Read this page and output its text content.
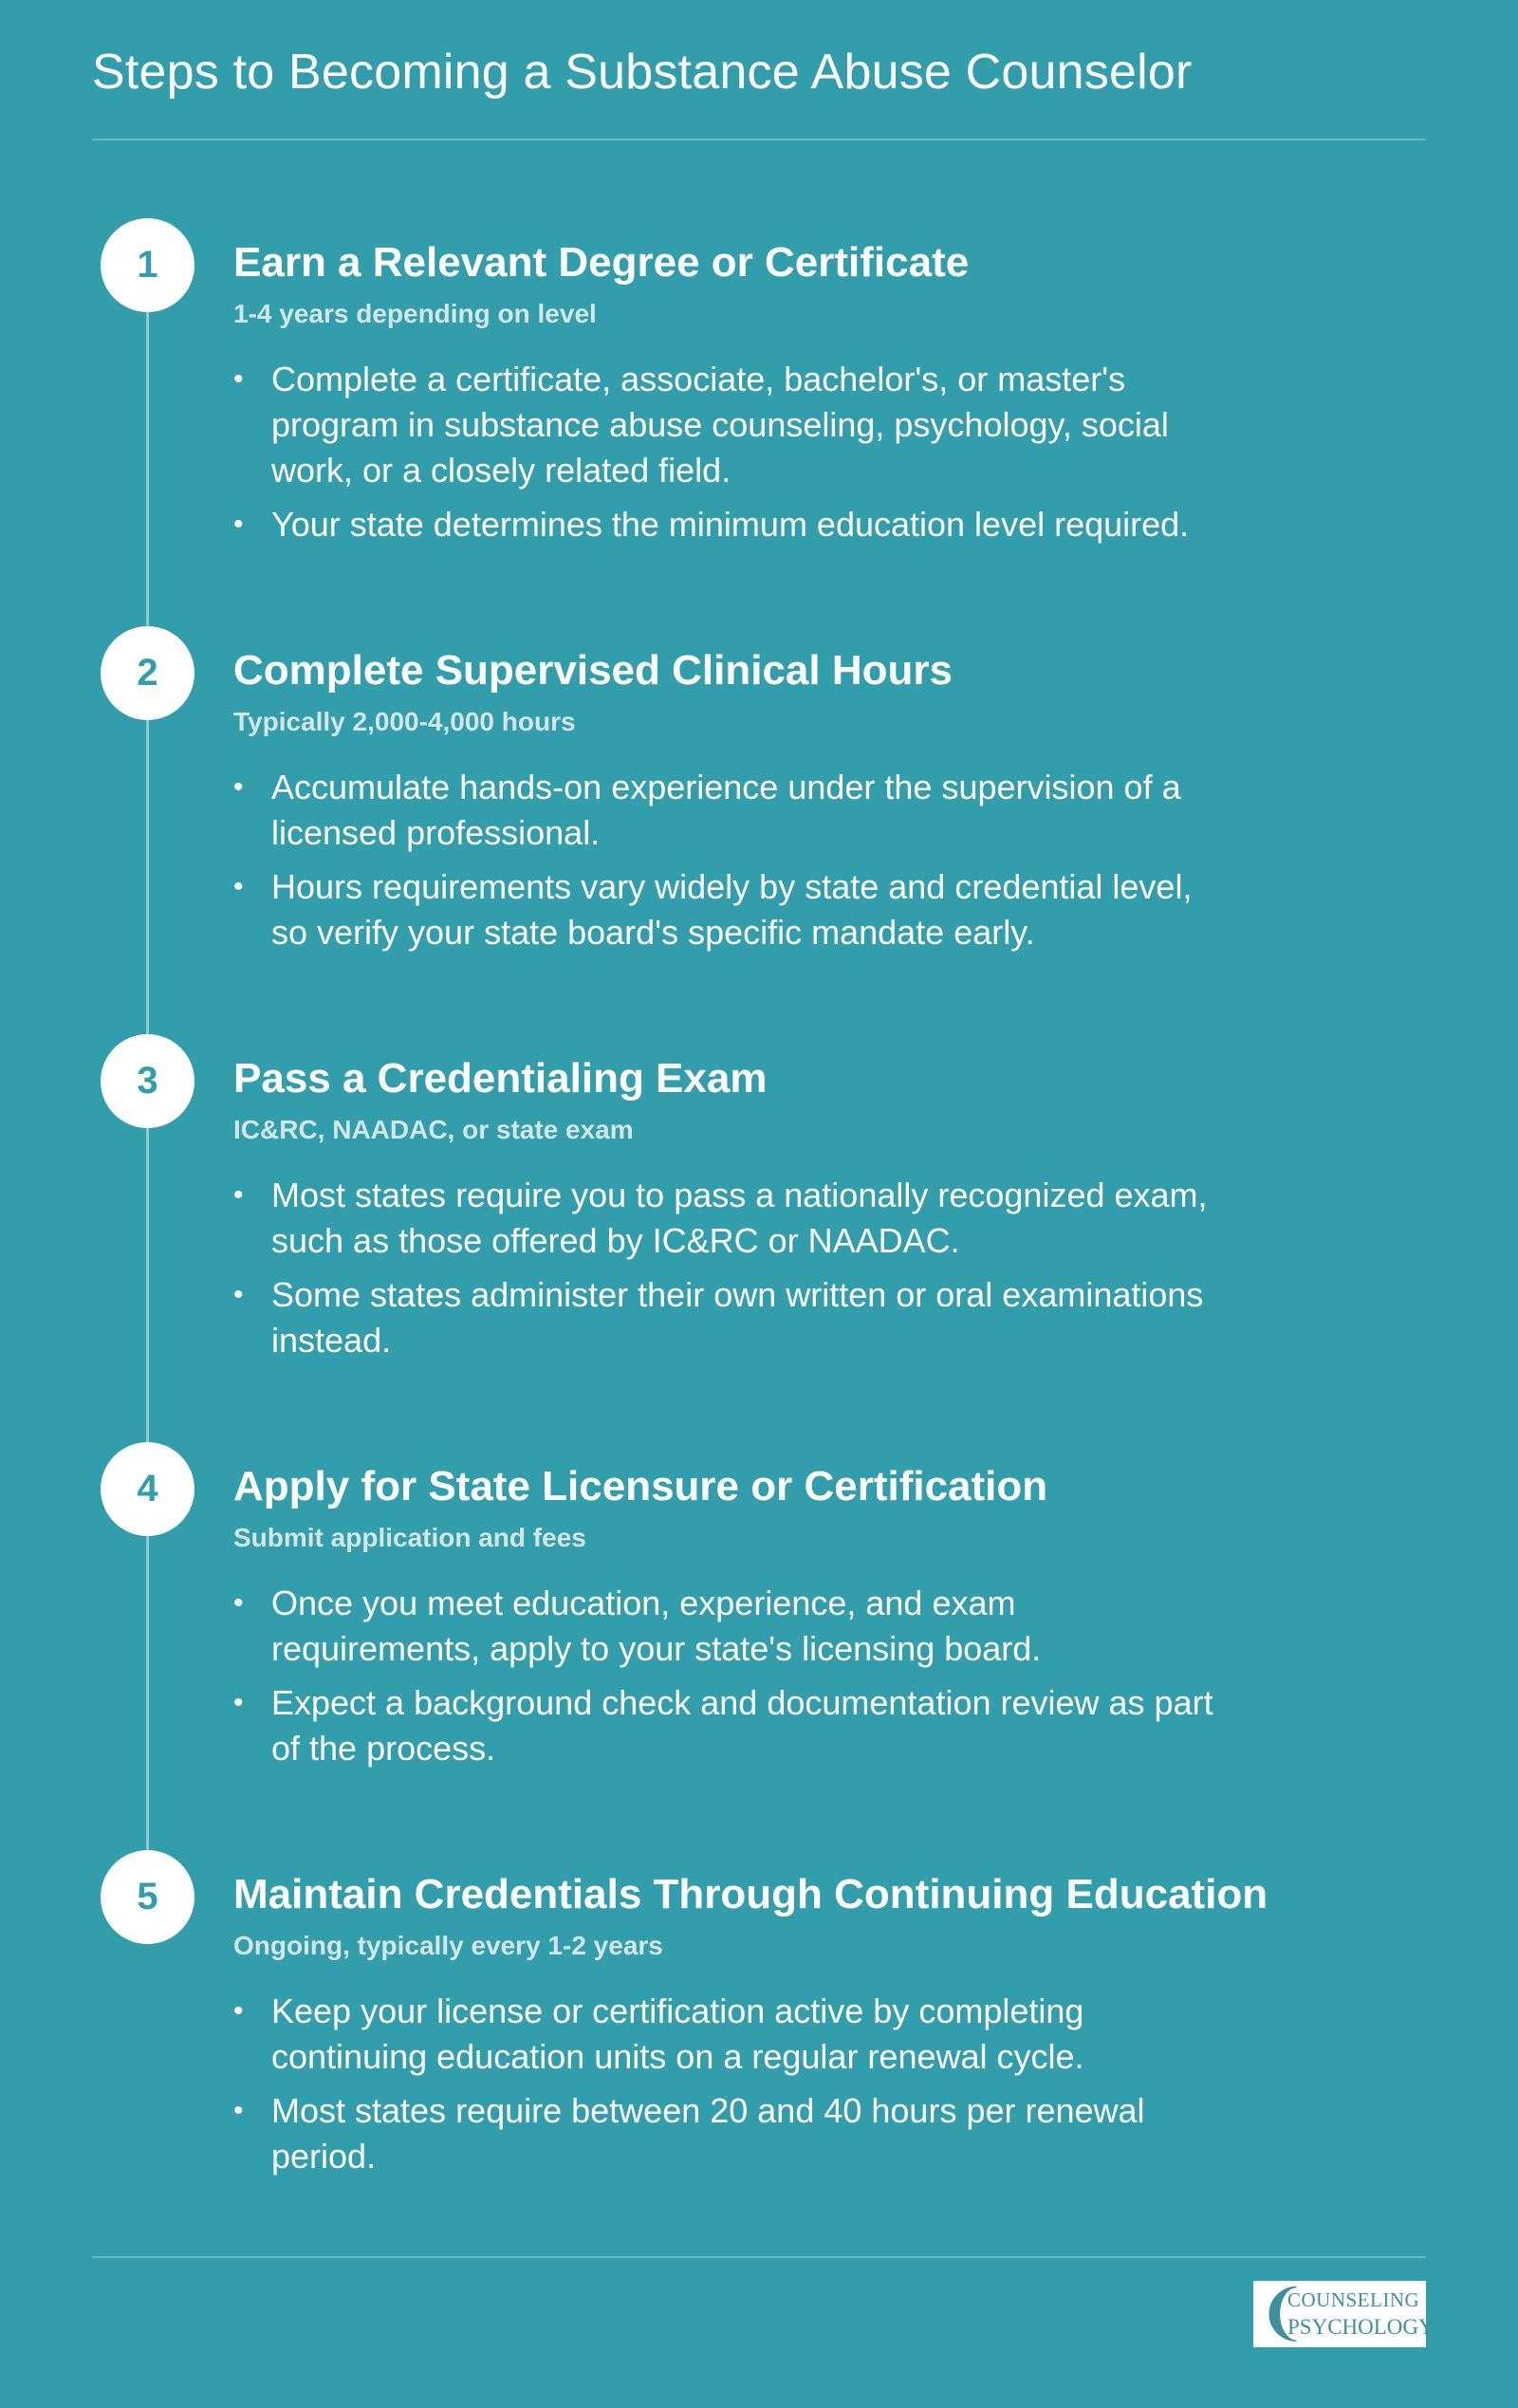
Steps to Becoming a Substance Abuse Counselor
1	Earn a Relevant Degree or Certificate
1-4 years depending on level
• Complete a certificate, associate, bachelor's, or master's program in substance abuse counseling, psychology, social work, or a closely related field.
• Your state determines the minimum education level required.
2	Complete Supervised Clinical Hours
Typically 2,000-4,000 hours
• Accumulate hands-on experience under the supervision of a licensed professional.
• Hours requirements vary widely by state and credential level, so verify your state board's specific mandate early.
3	Pass a Credentialing Exam
IC&RC, NAADAC, or state exam
• Most states require you to pass a nationally recognized exam, such as those offered by IC&RC or NAADAC.
• Some states administer their own written or oral examinations instead.
4	Apply for State Licensure or Certification
Submit application and fees
• Once you meet education, experience, and exam requirements, apply to your state's licensing board.
• Expect a background check and documentation review as part of the process.
5	Maintain Credentials Through Continuing Education
Ongoing, typically every 1-2 years
• Keep your license or certification active by completing continuing education units on a regular renewal cycle.
• Most states require between 20 and 40 hours per renewal period.
❨
COUNSELING
PSYCHOLOGY
